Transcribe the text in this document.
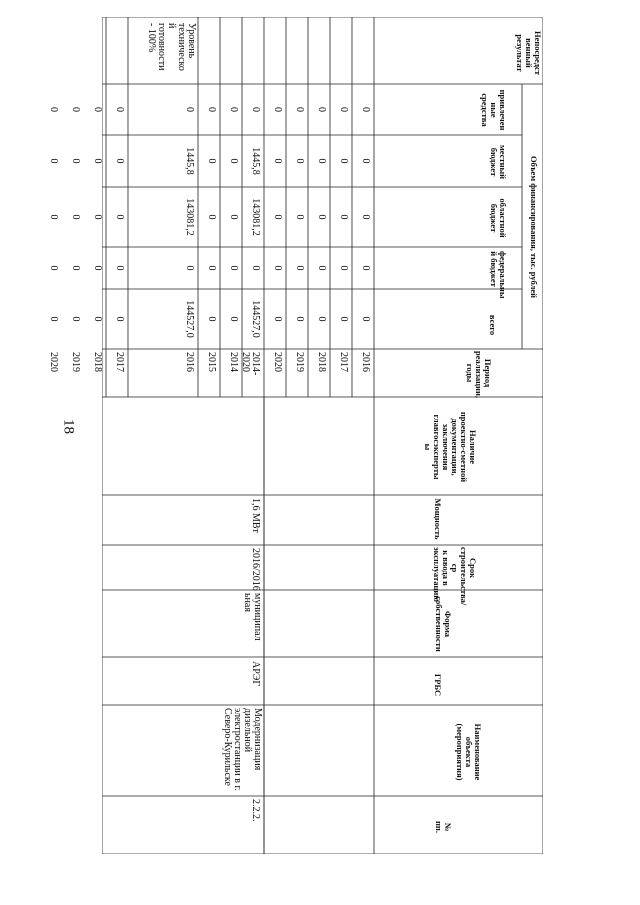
18
№
пп.
Наименование объекта
(мероприятия)
ГРБС
Форма
собственности
Срок
строительства/ср
к ввода в
эксплуатацию
Мощность
Наличие
проектно-сметной
документации,
заключения
главгосэксперты
ы
Период
реализации, годы
Объем финансирования, тыс. рублей
всего
федеральны
й бюджет
областной
бюджет
местный
бюджет
привлечен
ные средства
Непосредст
венный
результат
2.2.2.
Модернизация
дизельной
электростанции в г.
Северо-Курильске
АРЭГ
муниципал
ьная
2016/2016
1,6 МВт
Уровень
техническо
й
готовности
- 100%
0
0
0
0
0
2016
0
0
0
0
0
2017
0
0
0
0
0
2018
0
0
0
0
0
2019
0
0
0
0
0
2020
0
1445,8
143081,2
0
144527,0
2014-2020
0
0
0
0
0
2014
0
0
0
0
0
2015
0
1445,8
143081,2
0
144527,0
2016
0
0
0
0
0
2017
0
0
0
0
0
2018
0
0
0
0
0
2019
0
0
0
0
0
2020
